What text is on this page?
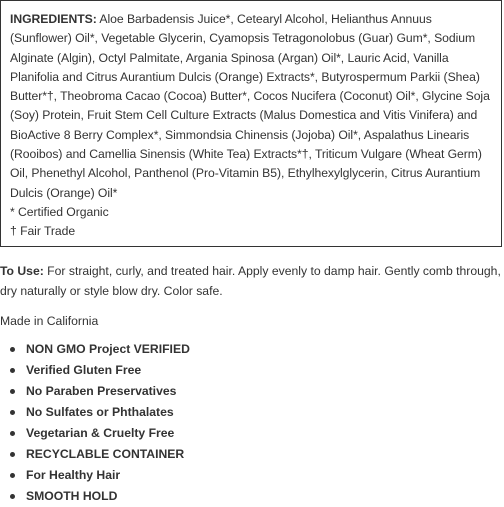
INGREDIENTS: Aloe Barbadensis Juice*, Cetearyl Alcohol, Helianthus Annuus (Sunflower) Oil*, Vegetable Glycerin, Cyamopsis Tetragonolobus (Guar) Gum*, Sodium Alginate (Algin), Octyl Palmitate, Argania Spinosa (Argan) Oil*, Lauric Acid, Vanilla Planifolia and Citrus Aurantium Dulcis (Orange) Extracts*, Butyrospermum Parkii (Shea) Butter*†, Theobroma Cacao (Cocoa) Butter*, Cocos Nucifera (Coconut) Oil*, Glycine Soja (Soy) Protein, Fruit Stem Cell Culture Extracts (Malus Domestica and Vitis Vinifera) and BioActive 8 Berry Complex*, Simmondsia Chinensis (Jojoba) Oil*, Aspalathus Linearis (Rooibos) and Camellia Sinensis (White Tea) Extracts*†, Triticum Vulgare (Wheat Germ) Oil, Phenethyl Alcohol, Panthenol (Pro-Vitamin B5), Ethylhexylglycerin, Citrus Aurantium Dulcis (Orange) Oil*

* Certified Organic

† Fair Trade

To Use: For straight, curly, and treated hair. Apply evenly to damp hair. Gently comb through, dry naturally or style blow dry. Color safe.

Made in California

NON GMO Project VERIFIED
Verified Gluten Free
No Paraben Preservatives
No Sulfates or Phthalates
Vegetarian & Cruelty Free
RECYCLABLE CONTAINER
For Healthy Hair
SMOOTH HOLD
